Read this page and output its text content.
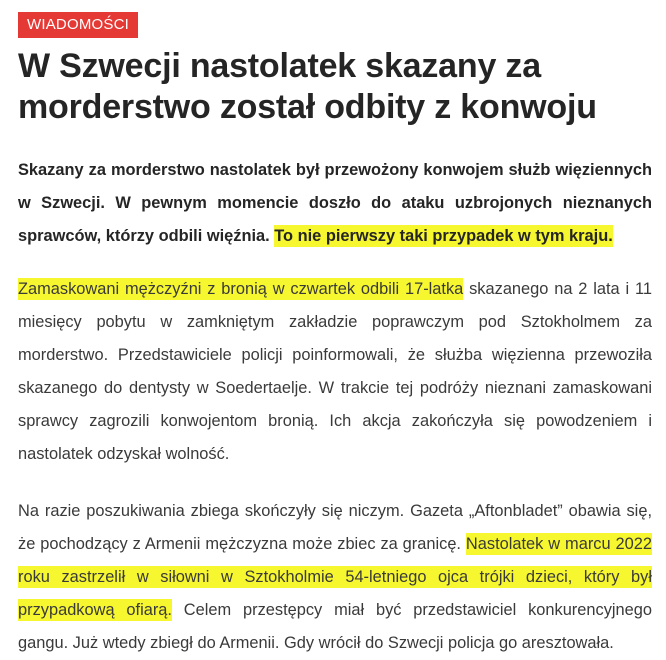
WIADOMOŚCI
W Szwecji nastolatek skazany za morderstwo został odbity z konwoju

Skazany za morderstwo nastolatek był przewożony konwojem służb więziennych w Szwecji. W pewnym momencie doszło do ataku uzbrojonych nieznanych sprawców, którzy odbili więźnia. To nie pierwszy taki przypadek w tym kraju.

Zamaskowani mężczyźni z bronią w czwartek odbili 17-latka skazanego na 2 lata i 11 miesięcy pobytu w zamkniętym zakładzie poprawczym pod Sztokholmem za morderstwo. Przedstawiciele policji poinformowali, że służba więzienna przewoziła skazanego do dentysty w Soedertaelje. W trakcie tej podróży nieznani zamaskowani sprawcy zagrozili konwojentom bronią. Ich akcja zakończyła się powodzeniem i nastolatek odzyskał wolność.

Na razie poszukiwania zbiega skończyły się niczym. Gazeta „Aftonbladet” obawia się, że pochodzący z Armenii mężczyzna może zbiec za granicę. Nastolatek w marcu 2022 roku zastrzelił w siłowni w Sztokholmie 54-letniego ojca trójki dzieci, który był przypadkową ofiarą. Celem przestępcy miał być przedstawiciel konkurencyjnego gangu. Już wtedy zbiegł do Armenii. Gdy wrócił do Szwecji policja go aresztowała.
